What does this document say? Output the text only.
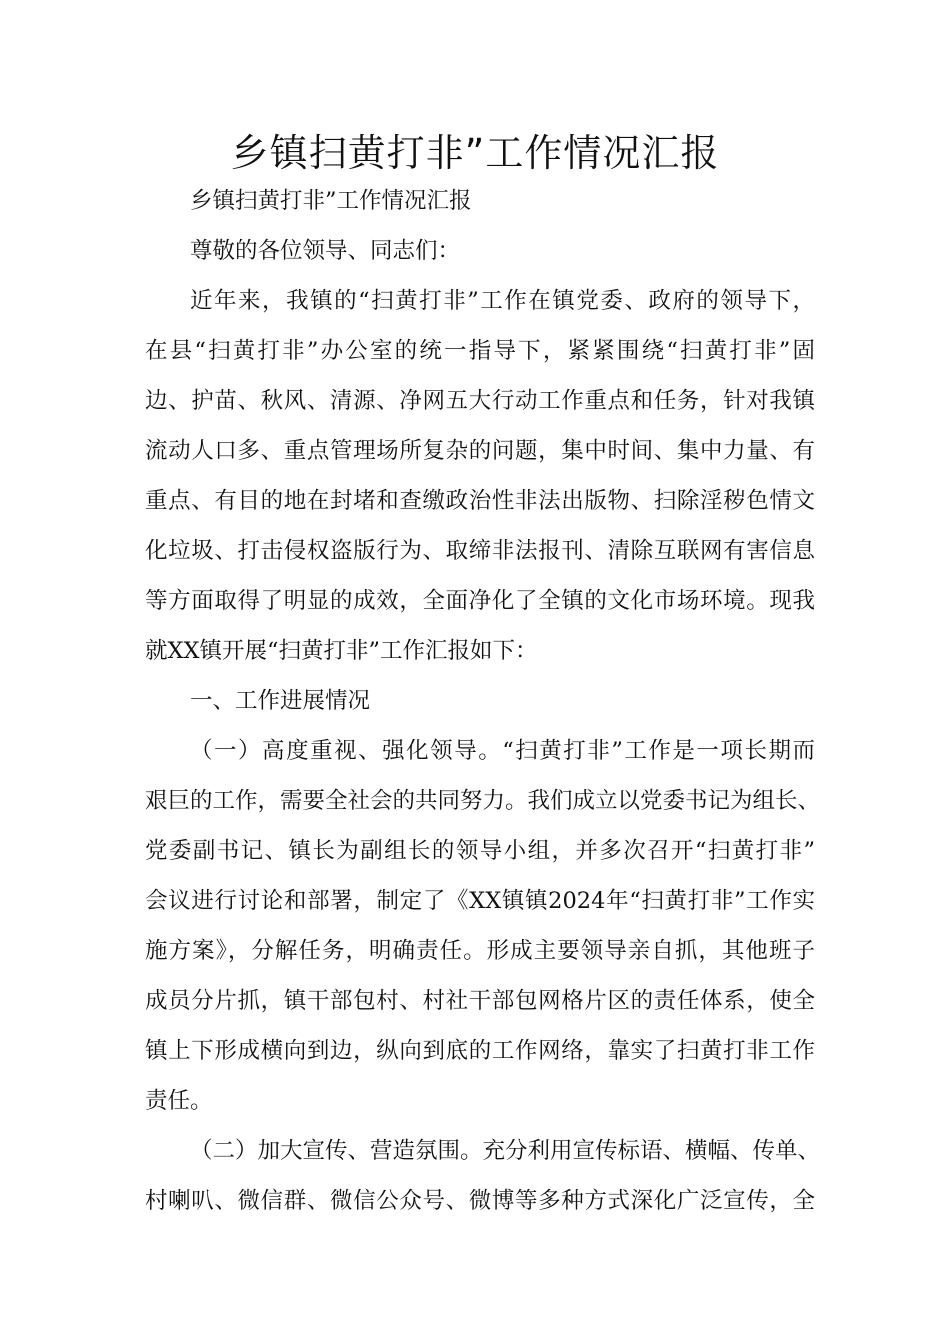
乡镇扫黄打非”工作情况汇报

乡镇扫黄打非”工作情况汇报

尊敬的各位领导、同志们：

近年来，我镇的“扫黄打非”工作在镇党委、政府的领导下，

在县“扫黄打非”办公室的统一指导下，紧紧围绕“扫黄打非”固

边、护苗、秋风、清源、净网五大行动工作重点和任务，针对我镇

流动人口多、重点管理场所复杂的问题，集中时间、集中力量、有

重点、有目的地在封堵和查缴政治性非法出版物、扫除淫秽色情文

化垃圾、打击侵权盗版行为、取缔非法报刊、清除互联网有害信息

等方面取得了明显的成效，全面净化了全镇的文化市场环境。现我

就XX镇开展“扫黄打非”工作汇报如下：

一、工作进展情况

（一）高度重视、强化领导。“扫黄打非”工作是一项长期而

艰巨的工作，需要全社会的共同努力。我们成立以党委书记为组长、

党委副书记、镇长为副组长的领导小组，并多次召开“扫黄打非”

会议进行讨论和部署，制定了《XX镇镇2024年“扫黄打非”工作实

施方案》，分解任务，明确责任。形成主要领导亲自抓，其他班子

成员分片抓，镇干部包村、村社干部包网格片区的责任体系，使全

镇上下形成横向到边，纵向到底的工作网络，靠实了扫黄打非工作

责任。

（二）加大宣传、营造氛围。充分利用宣传标语、横幅、传单、

村喇叭、微信群、微信公众号、微博等多种方式深化广泛宣传，全
